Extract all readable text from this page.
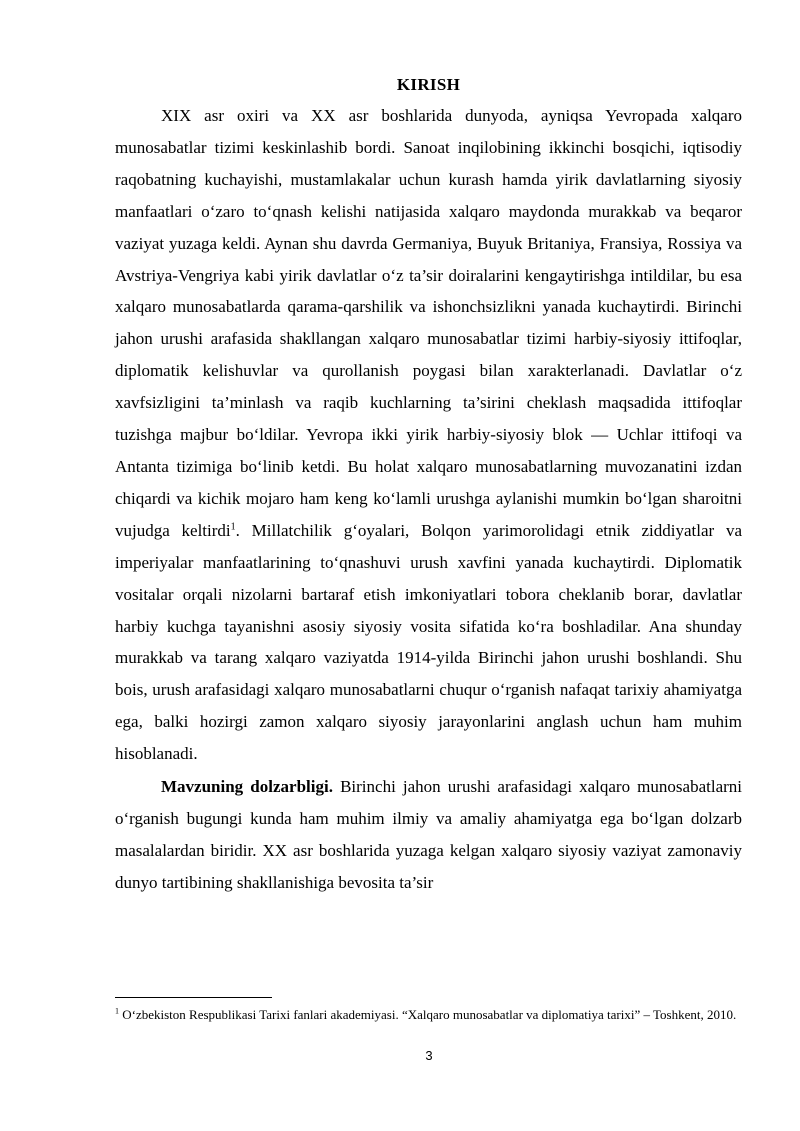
KIRISH

XIX asr oxiri va XX asr boshlarida dunyoda, ayniqsa Yevropada xalqaro munosabatlar tizimi keskinlashib bordi. Sanoat inqilobining ikkinchi bosqichi, iqtisodiy raqobatning kuchayishi, mustamlakalar uchun kurash hamda yirik davlatlarning siyosiy manfaatlari o‘zaro to‘qnash kelishi natijasida xalqaro maydonda murakkab va beqaror vaziyat yuzaga keldi. Aynan shu davrda Germaniya, Buyuk Britaniya, Fransiya, Rossiya va Avstriya-Vengriya kabi yirik davlatlar o‘z ta’sir doiralarini kengaytirishga intildilar, bu esa xalqaro munosabatlarda qarama-qarshilik va ishonchsizlikni yanada kuchaytirdi. Birinchi jahon urushi arafasida shakllangan xalqaro munosabatlar tizimi harbiy-siyosiy ittifoqlar, diplomatik kelishuvlar va qurollanish poygasi bilan xarakterlanadi. Davlatlar o‘z xavfsizligini ta’minlash va raqib kuchlarning ta’sirini cheklash maqsadida ittifoqlar tuzishga majbur bo‘ldilar. Yevropa ikki yirik harbiy-siyosiy blok — Uchlar ittifoqi va Antanta tizimiga bo‘linib ketdi. Bu holat xalqaro munosabatlarning muvozanatini izdan chiqardi va kichik mojaro ham keng ko‘lamli urushga aylanishi mumkin bo‘lgan sharoitni vujudga keltirdi$^1$. Millatchilik g‘oyalari, Bolqon yarimorolidagi etnik ziddiyatlar va imperiyalar manfaatlarining to‘qnashuvi urush xavfini yanada kuchaytirdi. Diplomatik vositalar orqali nizolarni bartaraf etish imkoniyatlari tobora cheklanib borar, davlatlar harbiy kuchga tayanishni asosiy siyosiy vosita sifatida ko‘ra boshladilar. Ana shunday murakkab va tarang xalqaro vaziyatda 1914-yilda Birinchi jahon urushi boshlandi. Shu bois, urush arafasidagi xalqaro munosabatlarni chuqur o‘rganish nafaqat tarixiy ahamiyatga ega, balki hozirgi zamon xalqaro siyosiy jarayonlarini anglash uchun ham muhim hisoblanadi.

Mavzuning dolzarbligi. Birinchi jahon urushi arafasidagi xalqaro munosabatlarni o‘rganish bugungi kunda ham muhim ilmiy va amaliy ahamiyatga ega bo‘lgan dolzarb masalalardan biridir. XX asr boshlarida yuzaga kelgan xalqaro siyosiy vaziyat zamonaviy dunyo tartibining shakllanishiga bevosita ta’sir

$^1$ O‘zbekiston Respublikasi Tarixi fanlari akademiyasi. “Xalqaro munosabatlar va diplomatiya tarixi” – Toshkent, 2010.

3
